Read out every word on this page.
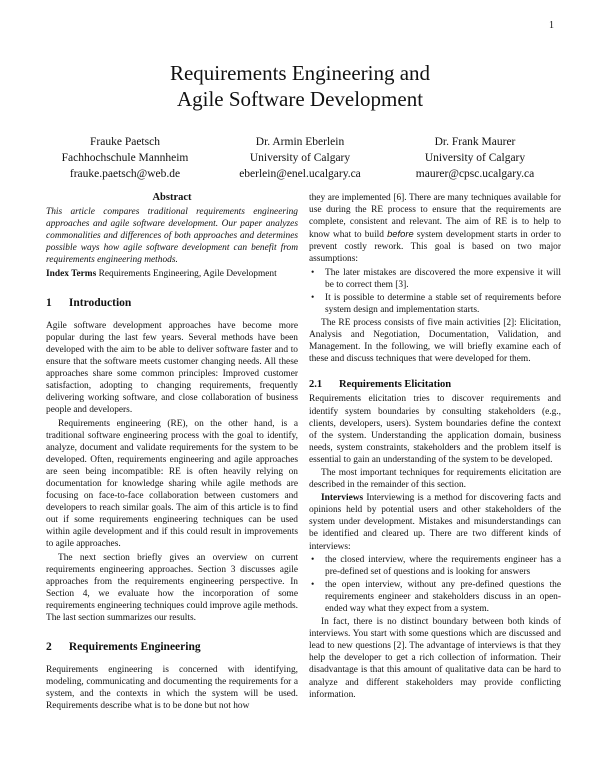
1
Requirements Engineering and
Agile Software Development
Frauke Paetsch
Fachhochschule Mannheim
frauke.paetsch@web.de
Dr. Armin Eberlein
University of Calgary
eberlein@enel.ucalgary.ca
Dr. Frank Maurer
University of Calgary
maurer@cpsc.ucalgary.ca
Abstract

This article compares traditional requirements engineering approaches and agile software development. Our paper analyzes commonalities and differences of both approaches and determines possible ways how agile software development can benefit from requirements engineering methods.

Index Terms Requirements Engineering, Agile Development

1 Introduction

Agile software development approaches have become more popular during the last few years. Several methods have been developed with the aim to be able to deliver software faster and to ensure that the software meets customer changing needs. All these approaches share some common principles: Improved customer satisfaction, adopting to changing requirements, frequently delivering working software, and close collaboration of business people and developers.

Requirements engineering (RE), on the other hand, is a traditional software engineering process with the goal to identify, analyze, document and validate requirements for the system to be developed. Often, requirements engineering and agile approaches are seen being incompatible: RE is often heavily relying on documentation for knowledge sharing while agile methods are focusing on face-to-face collaboration between customers and developers to reach similar goals. The aim of this article is to find out if some requirements engineering techniques can be used within agile development and if this could result in improvements to agile approaches.

The next section briefly gives an overview on current requirements engineering approaches. Section 3 discusses agile approaches from the requirements engineering perspective. In Section 4, we evaluate how the incorporation of some requirements engineering techniques could improve agile methods. The last section summarizes our results.

2 Requirements Engineering

Requirements engineering is concerned with identifying, modeling, communicating and documenting the requirements for a system, and the contexts in which the system will be used. Requirements describe what is to be done but not how

they are implemented [6]. There are many techniques available for use during the RE process to ensure that the requirements are complete, consistent and relevant. The aim of RE is to help to know what to build before system development starts in order to prevent costly rework. This goal is based on two major assumptions:

• The later mistakes are discovered the more expensive it will be to correct them [3].
• It is possible to determine a stable set of requirements before system design and implementation starts.

The RE process consists of five main activities [2]: Elicitation, Analysis and Negotiation, Documentation, Validation, and Management. In the following, we will briefly examine each of these and discuss techniques that were developed for them.

2.1 Requirements Elicitation

Requirements elicitation tries to discover requirements and identify system boundaries by consulting stakeholders (e.g., clients, developers, users). System boundaries define the context of the system. Understanding the application domain, business needs, system constraints, stakeholders and the problem itself is essential to gain an understanding of the system to be developed.

The most important techniques for requirements elicitation are described in the remainder of this section.

Interviews Interviewing is a method for discovering facts and opinions held by potential users and other stakeholders of the system under development. Mistakes and misunderstandings can be identified and cleared up. There are two different kinds of interviews:

• the closed interview, where the requirements engineer has a pre-defined set of questions and is looking for answers
• the open interview, without any pre-defined questions the requirements engineer and stakeholders discuss in an open-ended way what they expect from a system.

In fact, there is no distinct boundary between both kinds of interviews. You start with some questions which are discussed and lead to new questions [2]. The advantage of interviews is that they help the developer to get a rich collection of information. Their disadvantage is that this amount of qualitative data can be hard to analyze and different stakeholders may provide conflicting information.
